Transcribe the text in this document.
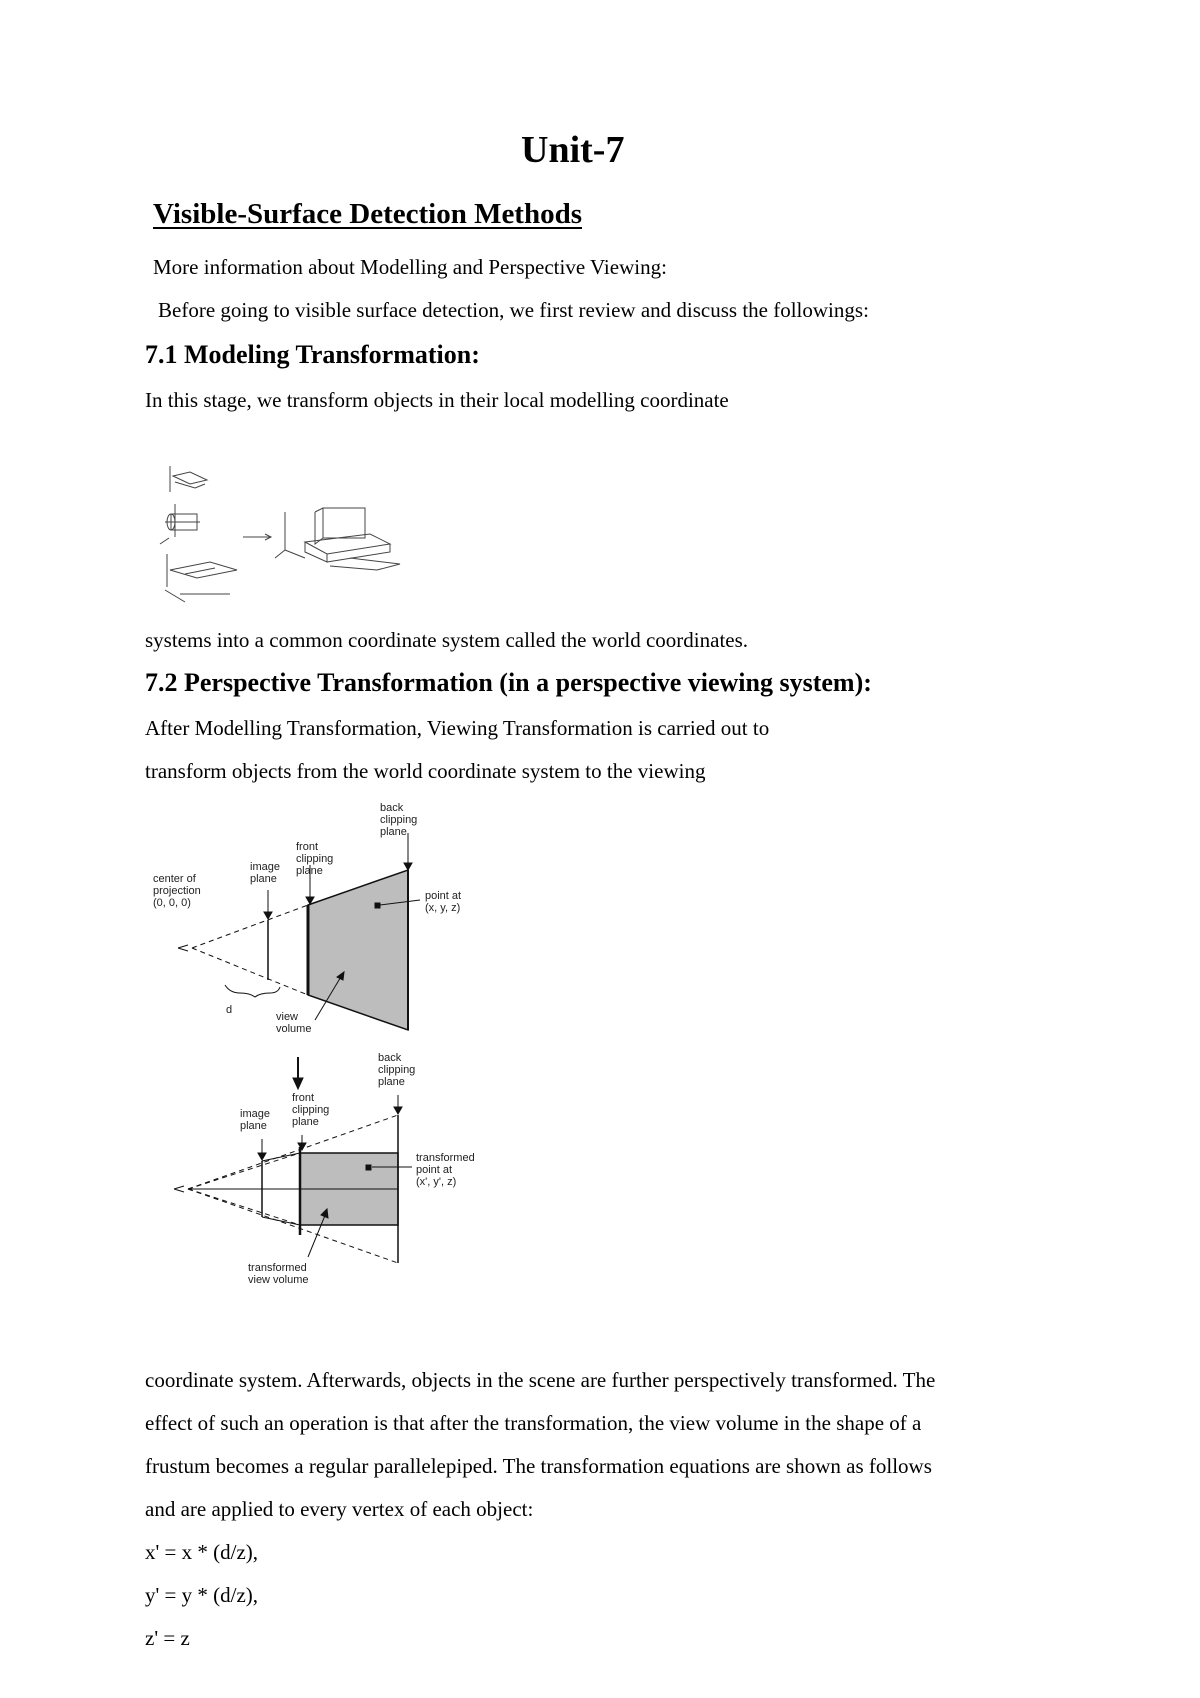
Unit-7
Visible-Surface Detection Methods
More information about Modelling and Perspective Viewing:
Before going to visible surface detection, we first review and discuss the followings:
7.1 Modeling Transformation:
In this stage, we transform objects in their local modelling coordinate
systems into a common coordinate system called the world coordinates.
7.2 Perspective Transformation (in a perspective viewing system):
After Modelling Transformation, Viewing Transformation is carried out to
transform objects from the world coordinate system to the viewing
back
clipping
plane
front
clipping
plane
image
plane
center of
projection
(0, 0, 0)
point at
(x, y, z)
view
volume
d
back
clipping
plane
front
clipping
plane
image
plane
transformed
point at
(x', y', z)
transformed
view volume
coordinate system. Afterwards, objects in the scene are further perspectively transformed. The
effect of such an operation is that after the transformation, the view volume in the shape of a
frustum becomes a regular parallelepiped. The transformation equations are shown as follows
and are applied to every vertex of each object:
x' = x * (d/z),
y' = y * (d/z),
z' = z
